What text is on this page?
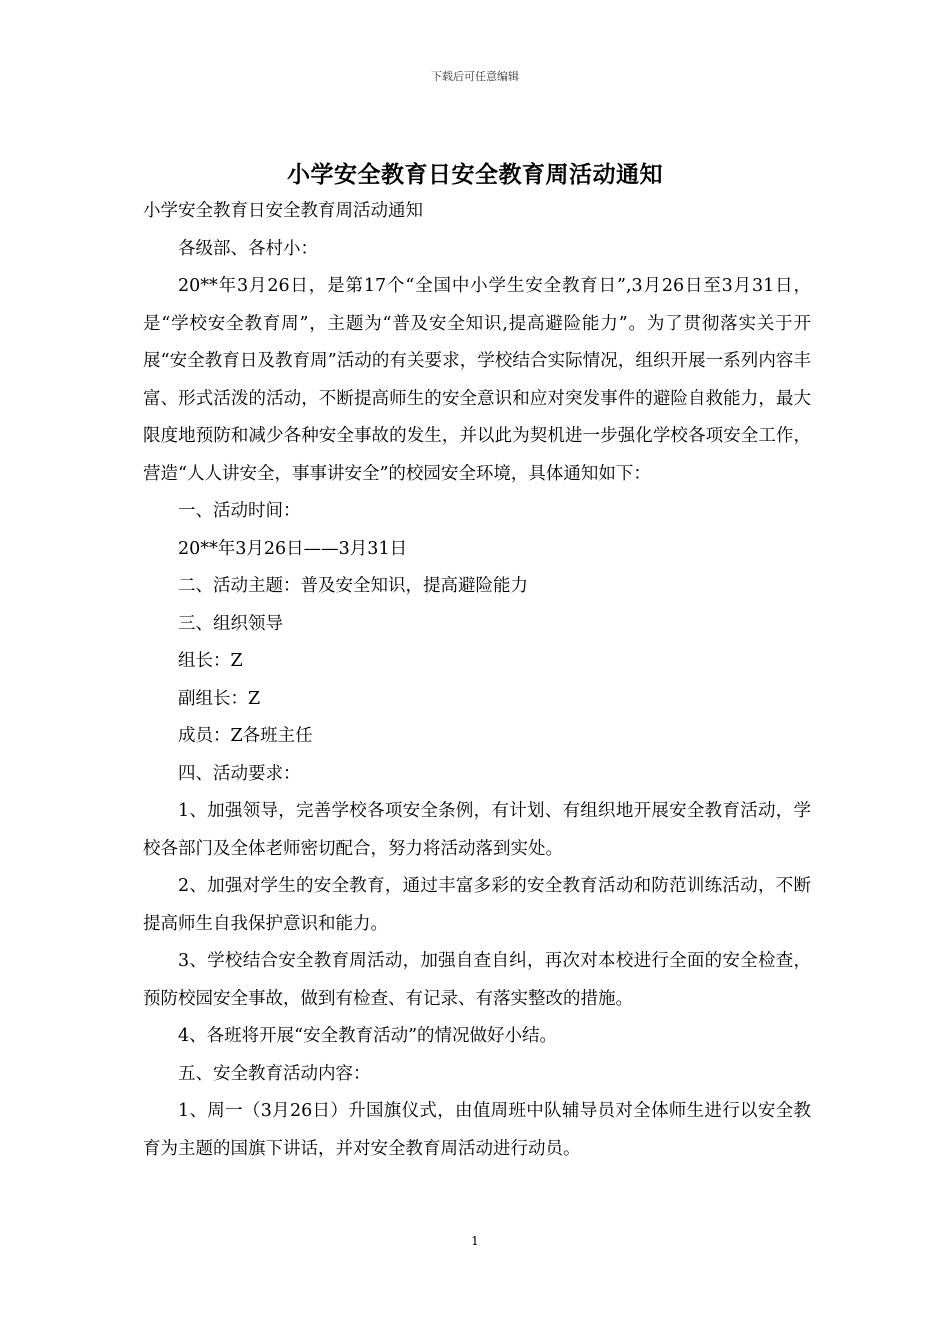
下载后可任意编辑
小学安全教育日安全教育周活动通知

小学安全教育日安全教育周活动通知

各级部、各村小：

20**年3月26日，是第17个“全国中小学生安全教育日”,3月26日至3月31日，是“学校安全教育周”，主题为“普及安全知识,提高避险能力”。为了贯彻落实关于开展“安全教育日及教育周”活动的有关要求，学校结合实际情况，组织开展一系列内容丰富、形式活泼的活动，不断提高师生的安全意识和应对突发事件的避险自救能力，最大限度地预防和减少各种安全事故的发生，并以此为契机进一步强化学校各项安全工作，营造“人人讲安全，事事讲安全”的校园安全环境，具体通知如下：

一、活动时间：

20**年3月26日——3月31日

二、活动主题：普及安全知识，提高避险能力

三、组织领导

组长：Z

副组长：Z

成员：Z各班主任

四、活动要求：

1、加强领导，完善学校各项安全条例，有计划、有组织地开展安全教育活动，学校各部门及全体老师密切配合，努力将活动落到实处。

2、加强对学生的安全教育，通过丰富多彩的安全教育活动和防范训练活动，不断提高师生自我保护意识和能力。

3、学校结合安全教育周活动，加强自查自纠，再次对本校进行全面的安全检查，预防校园安全事故，做到有检查、有记录、有落实整改的措施。

4、各班将开展“安全教育活动”的情况做好小结。

五、安全教育活动内容：

1、周一（3月26日）升国旗仪式，由值周班中队辅导员对全体师生进行以安全教育为主题的国旗下讲话，并对安全教育周活动进行动员。

1
